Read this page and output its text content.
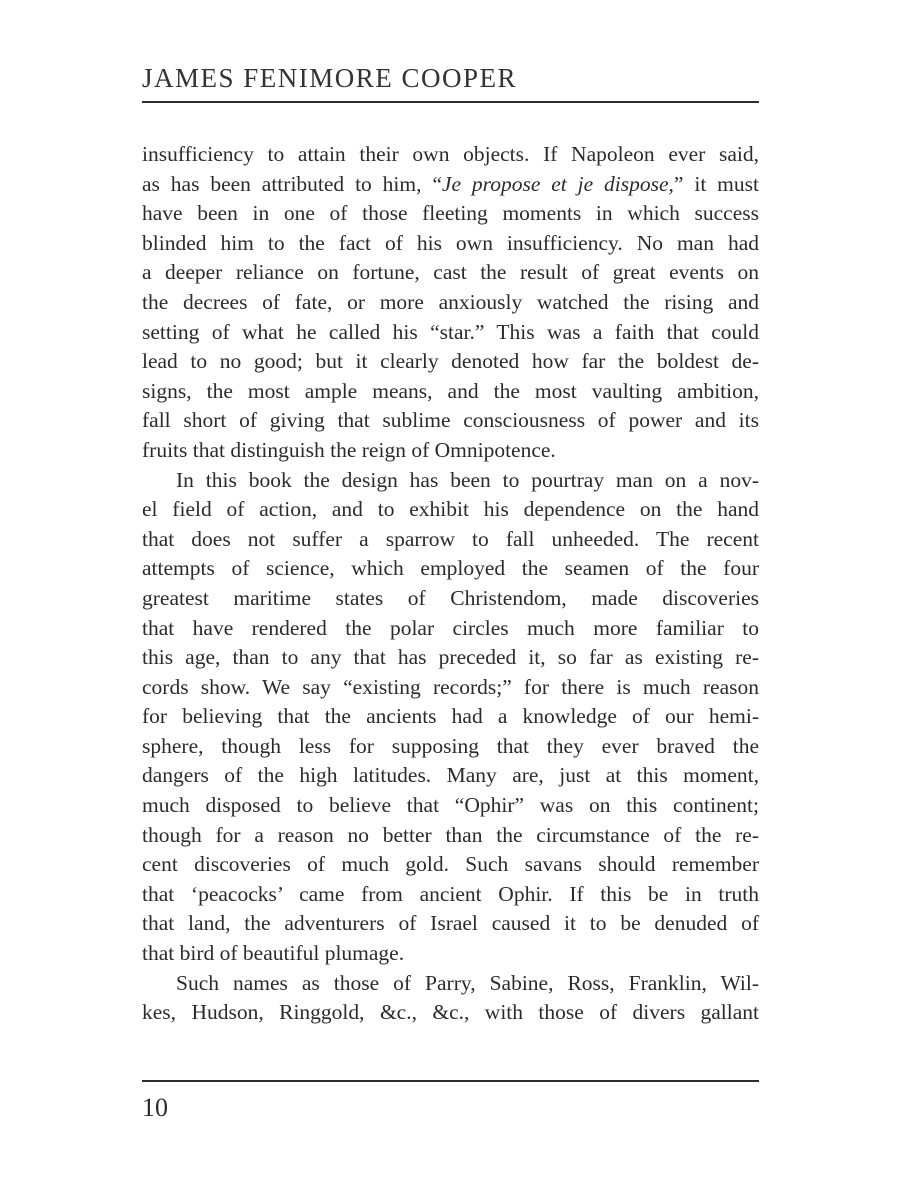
JAMES FENIMORE COOPER
insufficiency to attain their own objects. If Napoleon ever said,
as has been attributed to him, “Je propose et je dispose,” it must
have been in one of those fleeting moments in which success
blinded him to the fact of his own insufficiency. No man had
a deeper reliance on fortune, cast the result of great events on
the decrees of fate, or more anxiously watched the rising and
setting of what he called his “star.” This was a faith that could
lead to no good; but it clearly denoted how far the boldest de-
signs, the most ample means, and the most vaulting ambition,
fall short of giving that sublime consciousness of power and its
fruits that distinguish the reign of Omnipotence.
In this book the design has been to pourtray man on a nov-
el field of action, and to exhibit his dependence on the hand
that does not suffer a sparrow to fall unheeded. The recent
attempts of science, which employed the seamen of the four
greatest maritime states of Christendom, made discoveries
that have rendered the polar circles much more familiar to
this age, than to any that has preceded it, so far as existing re-
cords show. We say “existing records;” for there is much reason
for believing that the ancients had a knowledge of our hemi-
sphere, though less for supposing that they ever braved the
dangers of the high latitudes. Many are, just at this moment,
much disposed to believe that “Ophir” was on this continent;
though for a reason no better than the circumstance of the re-
cent discoveries of much gold. Such savans should remember
that ‘peacocks’ came from ancient Ophir. If this be in truth
that land, the adventurers of Israel caused it to be denuded of
that bird of beautiful plumage.
Such names as those of Parry, Sabine, Ross, Franklin, Wil-
kes, Hudson, Ringgold, &c., &c., with those of divers gallant
10
